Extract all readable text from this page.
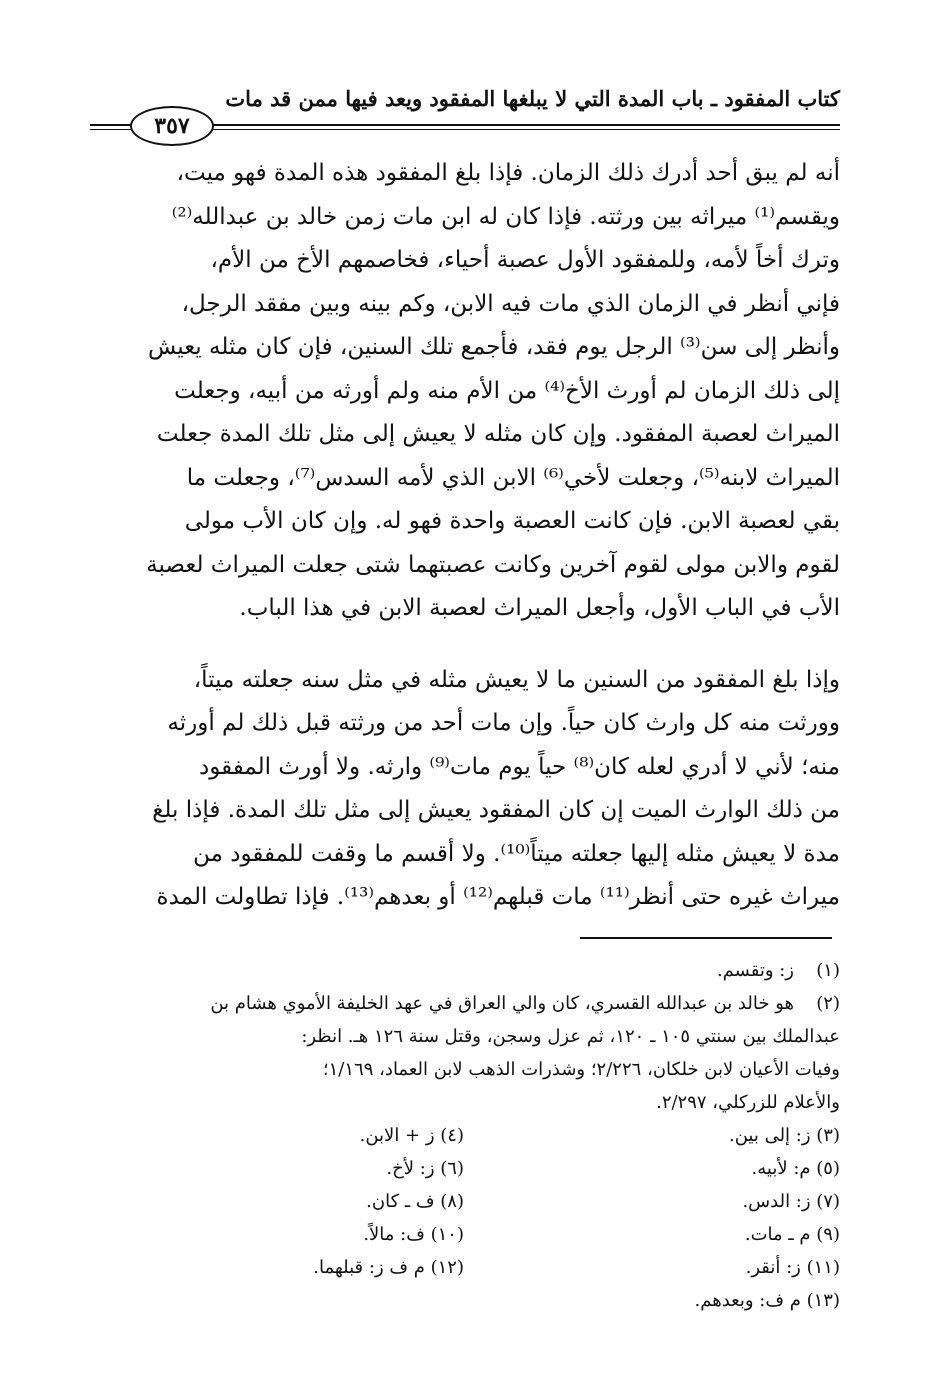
كتاب المفقود ـ باب المدة التي لا يبلغها المفقود ويعد فيها ممن قد مات
٣٥٧
أنه لم يبق أحد أدرك ذلك الزمان. فإذا بلغ المفقود هذه المدة فهو ميت،
ويقسم⁽¹⁾ ميراثه بين ورثته. فإذا كان له ابن مات زمن خالد بن عبدالله⁽²⁾
وترك أخاً لأمه، وللمفقود الأول عصبة أحياء، فخاصمهم الأخ من الأم،
فإني أنظر في الزمان الذي مات فيه الابن، وكم بينه وبين مفقد الرجل،
وأنظر إلى سن⁽³⁾ الرجل يوم فقد، فأجمع تلك السنين، فإن كان مثله يعيش
إلى ذلك الزمان لم أورث الأخ⁽⁴⁾ من الأم منه ولم أورثه من أبيه، وجعلت
الميراث لعصبة المفقود. وإن كان مثله لا يعيش إلى مثل تلك المدة جعلت
الميراث لابنه⁽⁵⁾، وجعلت لأخي⁽⁶⁾ الابن الذي لأمه السدس⁽⁷⁾، وجعلت ما
بقي لعصبة الابن. فإن كانت العصبة واحدة فهو له. وإن كان الأب مولى
لقوم والابن مولى لقوم آخرين وكانت عصبتهما شتى جعلت الميراث لعصبة
الأب في الباب الأول، وأجعل الميراث لعصبة الابن في هذا الباب.
وإذا بلغ المفقود من السنين ما لا يعيش مثله في مثل سنه جعلته ميتاً،
وورثت منه كل وارث كان حياً. وإن مات أحد من ورثته قبل ذلك لم أورثه
منه؛ لأني لا أدري لعله كان⁽⁸⁾ حياً يوم مات⁽⁹⁾ وارثه. ولا أورث المفقود
من ذلك الوارث الميت إن كان المفقود يعيش إلى مثل تلك المدة. فإذا بلغ
مدة لا يعيش مثله إليها جعلته ميتاً⁽¹⁰⁾. ولا أقسم ما وقفت للمفقود من
ميراث غيره حتى أنظر⁽¹¹⁾ مات قبلهم⁽¹²⁾ أو بعدهم⁽¹³⁾. فإذا تطاولت المدة
(١)ز: وتقسم.
(٢)هو خالد بن عبدالله القسري، كان والي العراق في عهد الخليفة الأموي هشام بن
عبدالملك بين سنتي ١٠٥ ـ ١٢٠، ثم عزل وسجن، وقتل سنة ١٢٦ هـ. انظر:
وفيات الأعيان لابن خلكان، ٢/٢٢٦؛ وشذرات الذهب لابن العماد، ١/١٦٩؛
والأعلام للزركلي، ٢/٢٩٧.
(٣) ز: إلى بين.
(٤) ز + الابن.
(٥) م: لأبيه.
(٦) ز: لأخ.
(٧) ز: الدس.
(٨) ف ـ كان.
(٩) م ـ مات.
(١٠) ف: مالاً.
(١١) ز: أنقر.
(١٢) م ف ز: قبلهما.
(١٣) م ف: وبعدهم.
